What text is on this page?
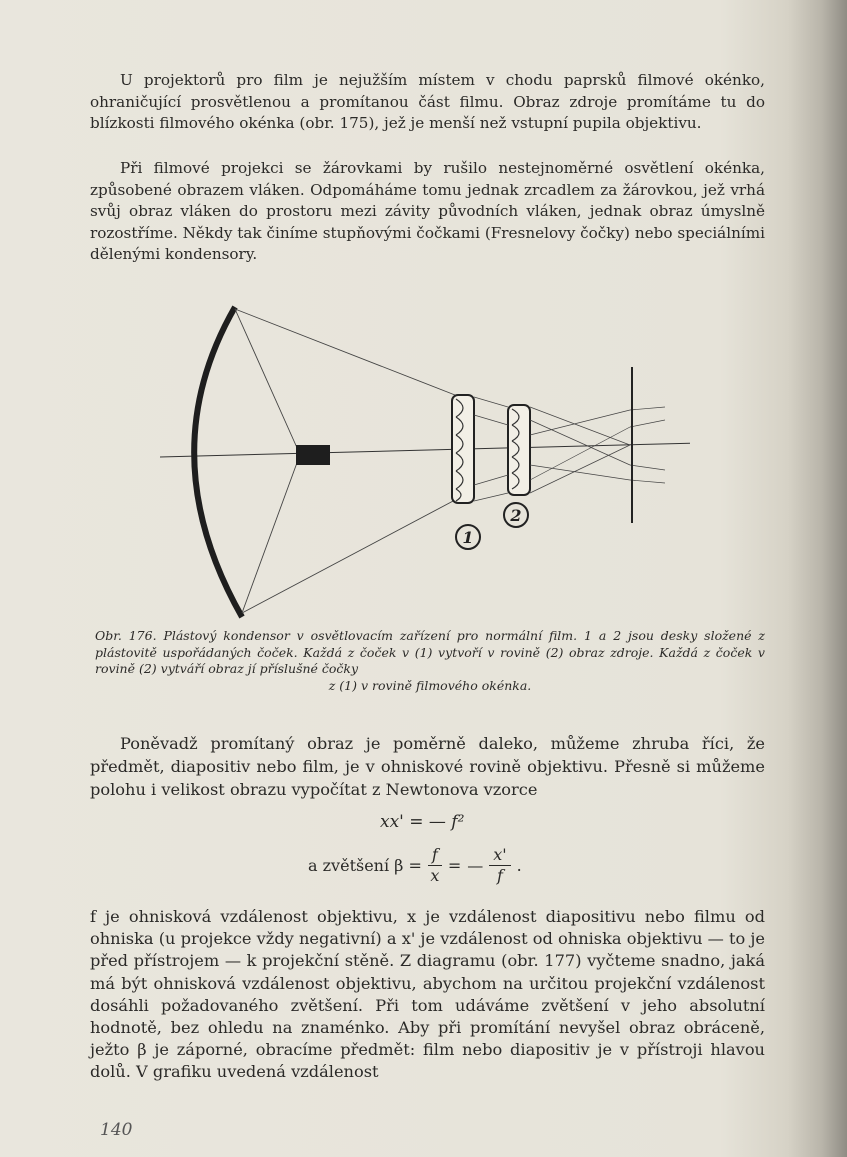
U projektorů pro film je nejužším místem v chodu paprsků filmové okénko, ohraničující prosvětlenou a promítanou část filmu. Obraz zdroje promítáme tu do blízkosti filmového okénka (obr. 175), jež je menší než vstupní pupila objektivu.

Při filmové projekci se žárovkami by rušilo nestejnoměrné osvětlení okénka, způsobené obrazem vláken. Odpomáháme tomu jednak zrcadlem za žárovkou, jež vrhá svůj obraz vláken do prostoru mezi závity původních vláken, jednak obraz úmyslně rozostříme. Někdy tak činíme stupňovými čočkami (Fresnelovy čočky) nebo speciálními dělenými kondensory.

1
2

Obr. 176. Plástový kondensor v osvětlovacím zařízení pro normální film. 1 a 2 jsou desky složené z plástovitě uspořádaných čoček. Každá z čoček v (1) vytvoří v rovině (2) obraz zdroje. Každá z čoček v rovině (2) vytváří obraz jí příslušné čočky
z (1) v rovině filmového okénka.

Poněvadž promítaný obraz je poměrně daleko, můžeme zhruba říci, že předmět, diapositiv nebo film, je v ohniskové rovině objektivu. Přesně si můžeme polohu i velikost obrazu vypočítat z Newtonova vzorce

xx' = — f²
a zvětšení $\beta = \frac{f}{x}$ = — $\frac{x'}{f}$ .

f je ohnisková vzdálenost objektivu, x je vzdálenost diapositivu nebo filmu od ohniska (u projekce vždy negativní) a x' je vzdálenost od ohniska objektivu — to je před přístrojem — k projekční stěně. Z diagramu (obr. 177) vyčteme snadno, jaká má být ohnisková vzdálenost objektivu, abychom na určitou projekční vzdálenost dosáhli požadovaného zvětšení. Při tom udáváme zvětšení v jeho absolutní hodnotě, bez ohledu na znaménko. Aby při promítání nevyšel obraz obráceně, ježto β je záporné, obracíme předmět: film nebo diapositiv je v přístroji hlavou dolů. V grafiku uvedená vzdálenost

140
